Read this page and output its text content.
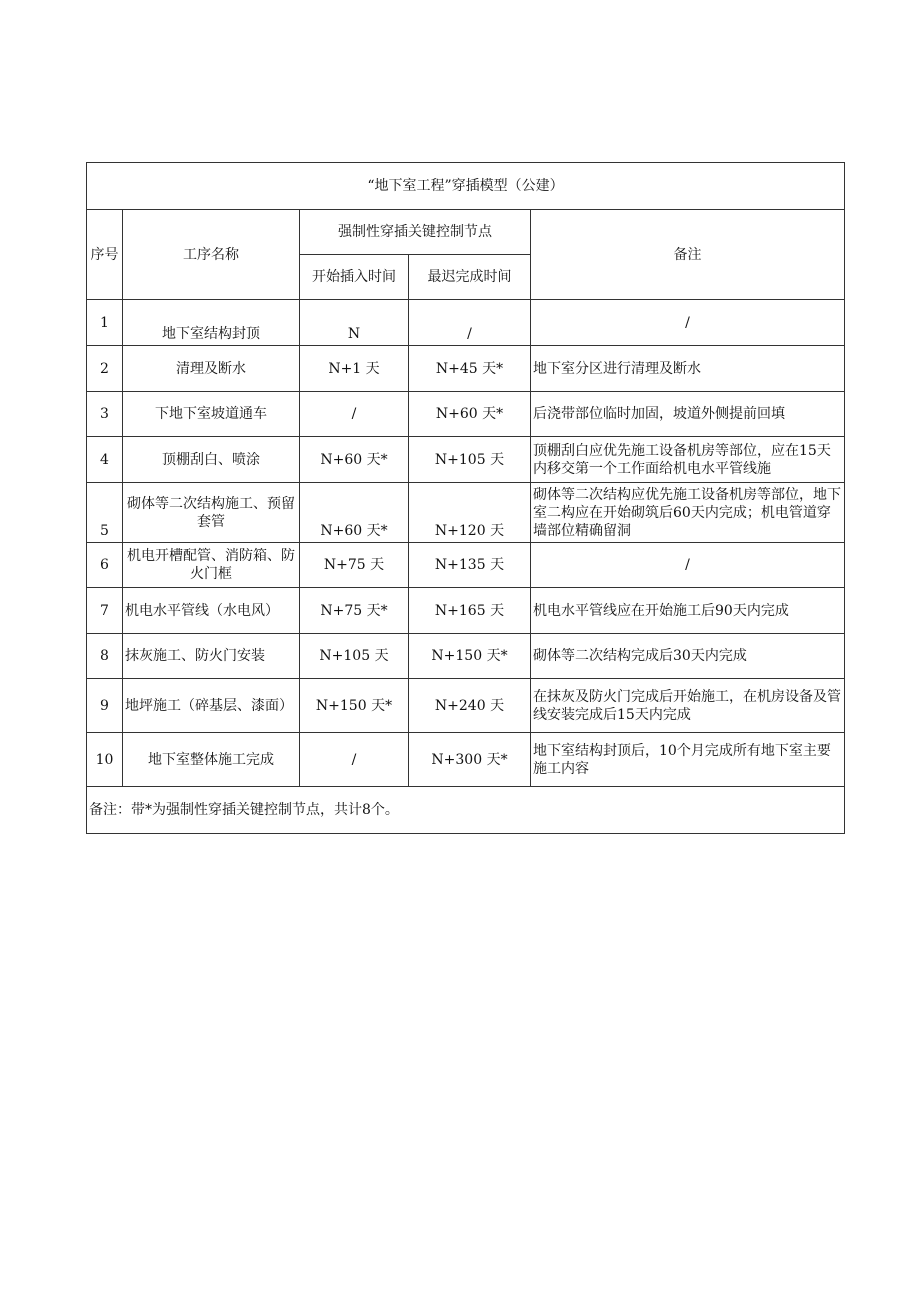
“地下室工程”穿插模型（公建）				
序号	工序名称	强制性穿插关键控制节点		备注
		开始插入时间	最迟完成时间	
1	地下室结构封顶	N	/	/
2	清理及断水	N+1 天	N+45 天*	地下室分区进行清理及断水
3	下地下室坡道通车	/	N+60 天*	后浇带部位临时加固，坡道外侧提前回填
4	顶棚刮白、喷涂	N+60 天*	N+105 天	顶棚刮白应优先施工设备机房等部位，应在15天内移交第一个工作面给机电水平管线施
5	砌体等二次结构施工、预留套管	N+60 天*	N+120 天	砌体等二次结构应优先施工设备机房等部位，地下室二构应在开始砌筑后60天内完成；机电管道穿墙部位精确留洞
6	机电开槽配管、消防箱、防火门框	N+75 天	N+135 天	/
7	机电水平管线（水电风）	N+75 天*	N+165 天	机电水平管线应在开始施工后90天内完成
8	抹灰施工、防火门安装	N+105 天	N+150 天*	砌体等二次结构完成后30天内完成
9	地坪施工（碎基层、漆面）	N+150 天*	N+240 天	在抹灰及防火门完成后开始施工，在机房设备及管线安装完成后15天内完成
10	地下室整体施工完成	/	N+300 天*	地下室结构封顶后，10个月完成所有地下室主要施工内容
备注：带*为强制性穿插关键控制节点，共计8个。				
